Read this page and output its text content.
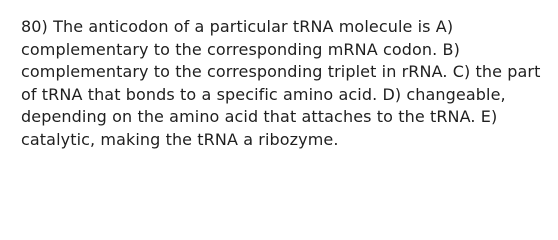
80) The anticodon of a particular tRNA molecule is A) complementary to the corresponding mRNA codon. B) complementary to the corresponding triplet in rRNA. C) the part of tRNA that bonds to a specific amino acid. D) changeable, depending on the amino acid that attaches to the tRNA. E) catalytic, making the tRNA a ribozyme.
